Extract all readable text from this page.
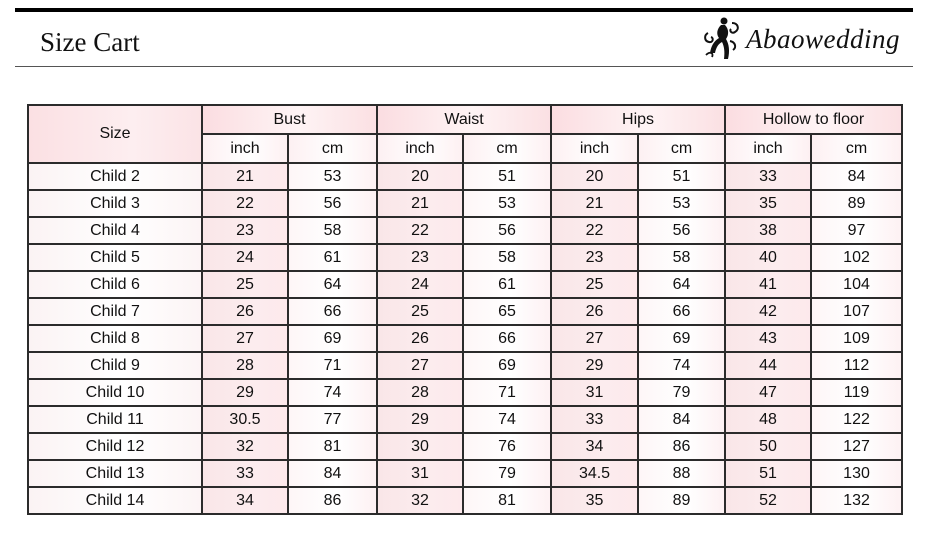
Size Cart	Abaowedding
Size	Bust		Waist		Hips		Hollow to floor	
	inch	cm	inch	cm	inch	cm	inch	cm
Child 2	21	53	20	51	20	51	33	84
Child 3	22	56	21	53	21	53	35	89
Child 4	23	58	22	56	22	56	38	97
Child 5	24	61	23	58	23	58	40	102
Child 6	25	64	24	61	25	64	41	104
Child 7	26	66	25	65	26	66	42	107
Child 8	27	69	26	66	27	69	43	109
Child 9	28	71	27	69	29	74	44	112
Child 10	29	74	28	71	31	79	47	119
Child 11	30.5	77	29	74	33	84	48	122
Child 12	32	81	30	76	34	86	50	127
Child 13	33	84	31	79	34.5	88	51	130
Child 14	34	86	32	81	35	89	52	132
